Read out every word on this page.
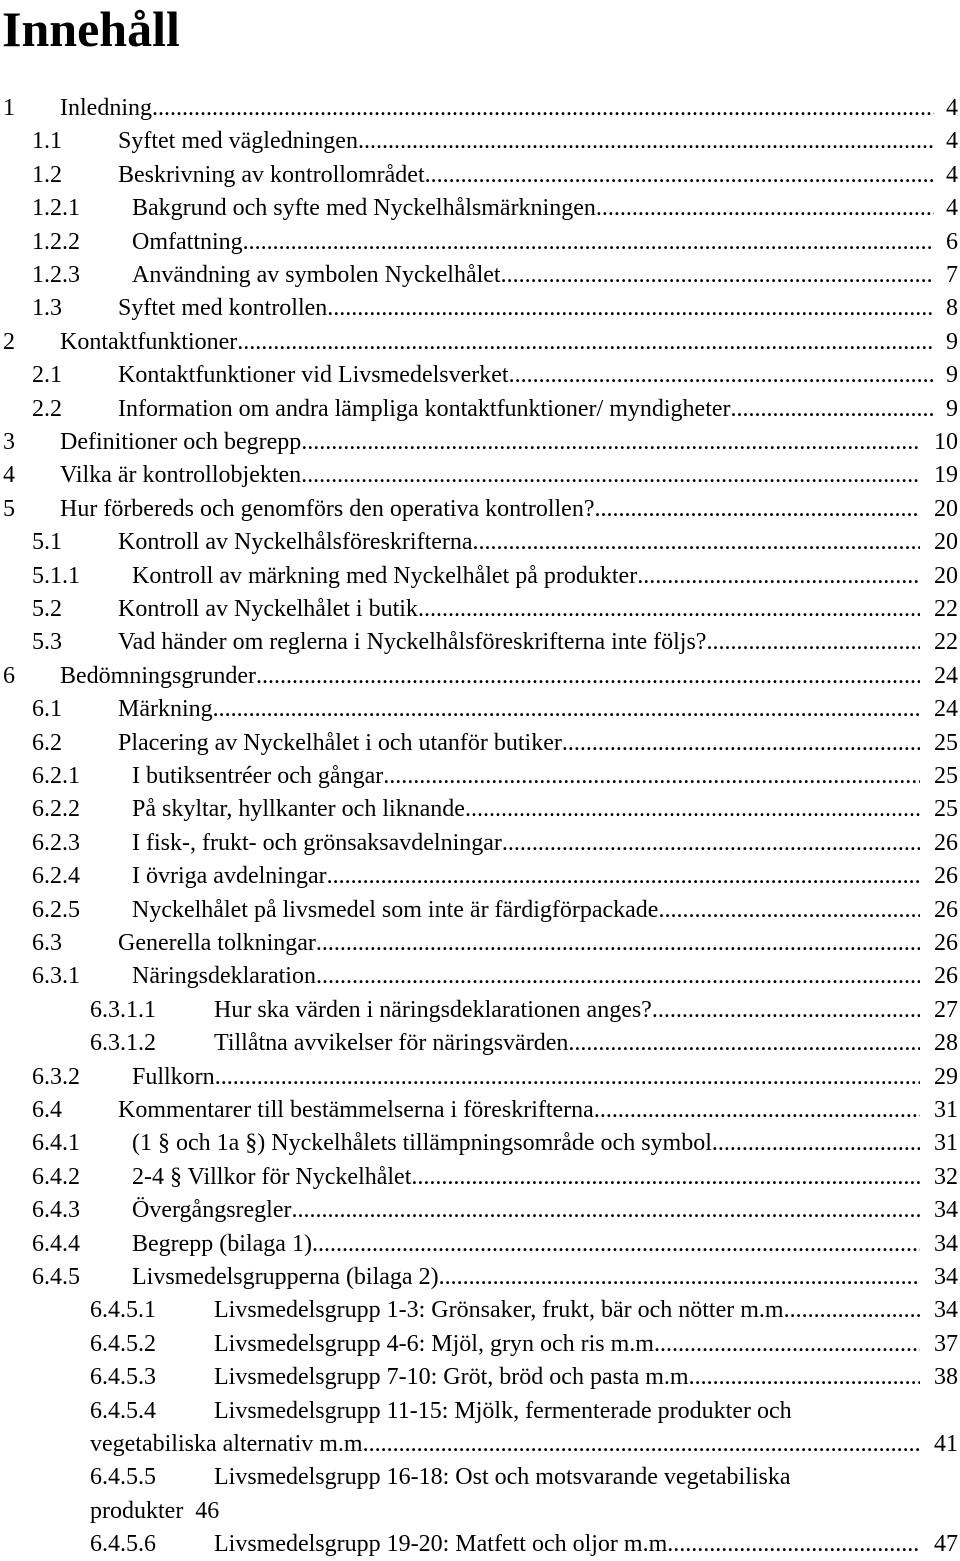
Innehåll
1 Inledning .....	4
1.1 Syftet med vägledningen .....	4
1.2 Beskrivning av kontrollområdet .....	4
1.2.1 Bakgrund och syfte med Nyckelhålsmärkningen .....	4
1.2.2 Omfattning .....	6
1.2.3 Användning av symbolen Nyckelhålet .....	7
1.3 Syftet med kontrollen .....	8
2 Kontaktfunktioner .....	9
2.1 Kontaktfunktioner vid Livsmedelsverket .....	9
2.2 Information om andra lämpliga kontaktfunktioner/ myndigheter .....	9
3 Definitioner och begrepp .....	10
4 Vilka är kontrollobjekten .....	19
5 Hur förbereds och genomförs den operativa kontrollen? .....	20
5.1 Kontroll av Nyckelhålsföreskrifterna .....	20
5.1.1 Kontroll av märkning med Nyckelhålet på produkter .....	20
5.2 Kontroll av Nyckelhålet i butik .....	22
5.3 Vad händer om reglerna i Nyckelhålsföreskrifterna inte följs? .....	22
6 Bedömningsgrunder .....	24
6.1 Märkning .....	24
6.2 Placering av Nyckelhålet i och utanför butiker .....	25
6.2.1 I butiksentréer och gångar .....	25
6.2.2 På skyltar, hyllkanter och liknande .....	25
6.2.3 I fisk-, frukt- och grönsaksavdelningar .....	26
6.2.4 I övriga avdelningar .....	26
6.2.5 Nyckelhålet på livsmedel som inte är färdigförpackade .....	26
6.3 Generella tolkningar .....	26
6.3.1 Näringsdeklaration .....	26
6.3.1.1 Hur ska värden i näringsdeklarationen anges? .....	27
6.3.1.2 Tillåtna avvikelser för näringsvärden .....	28
6.3.2 Fullkorn .....	29
6.4 Kommentarer till bestämmelserna i föreskrifterna .....	31
6.4.1 (1 § och 1a §) Nyckelhålets tillämpningsområde och symbol .....	31
6.4.2 2-4 § Villkor för Nyckelhålet .....	32
6.4.3 Övergångsregler .....	34
6.4.4 Begrepp (bilaga 1) .....	34
6.4.5 Livsmedelsgrupperna (bilaga 2) .....	34
6.4.5.1 Livsmedelsgrupp 1-3: Grönsaker, frukt, bär och nötter m.m. .....	34
6.4.5.2 Livsmedelsgrupp 4-6: Mjöl, gryn och ris m.m. .....	37
6.4.5.3 Livsmedelsgrupp 7-10: Gröt, bröd och pasta m.m. .....	38
6.4.5.4 Livsmedelsgrupp 11-15: Mjölk, fermenterade produkter och
vegetabiliska alternativ m.m. .....	41
6.4.5.5 Livsmedelsgrupp 16-18: Ost och motsvarande vegetabiliska
produkter  46
6.4.5.6 Livsmedelsgrupp 19-20: Matfett och oljor m.m. .....	47
